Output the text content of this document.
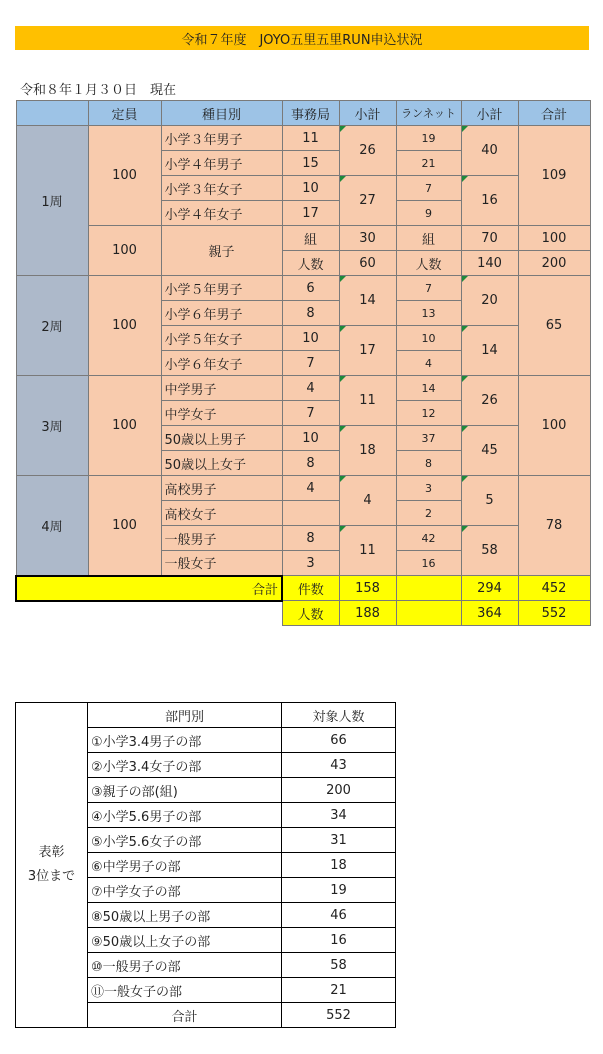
令和７年度　JOYO五里五里RUN申込状況
令和８年１月３０日　現在
	定員	種目別	事務局	小計	ランネット	小計	合計
1周	100	小学３年男子	11	26	19	40	109
		小学４年男子	15		21		
		小学３年女子	10	27	7	16	
		小学４年女子	17		9		
	100	親子	組	30	組	70	100
			人数	60	人数	140	200
2周	100	小学５年男子	6	14	7	20	65
		小学６年男子	8		13		
		小学５年女子	10	17	10	14	
		小学６年女子	7		4		
3周	100	中学男子	4	11	14	26	100
		中学女子	7		12		
		50歳以上男子	10	18	37	45	
		50歳以上女子	8		8		
4周	100	高校男子	4	4	3	5	78
		高校女子			2		
		一般男子	8	11	42	58	
		一般女子	3		16		
合計			件数	158		294	452
			人数	188		364	552
表彰
3位まで	部門別	対象人数
	①小学3.4男子の部	66
	②小学3.4女子の部	43
	③親子の部(組)	200
	④小学5.6男子の部	34
	⑤小学5.6女子の部	31
	⑥中学男子の部	18
	⑦中学女子の部	19
	⑧50歳以上男子の部	46
	⑨50歳以上女子の部	16
	⑩一般男子の部	58
	⑪一般女子の部	21
	合計	552
